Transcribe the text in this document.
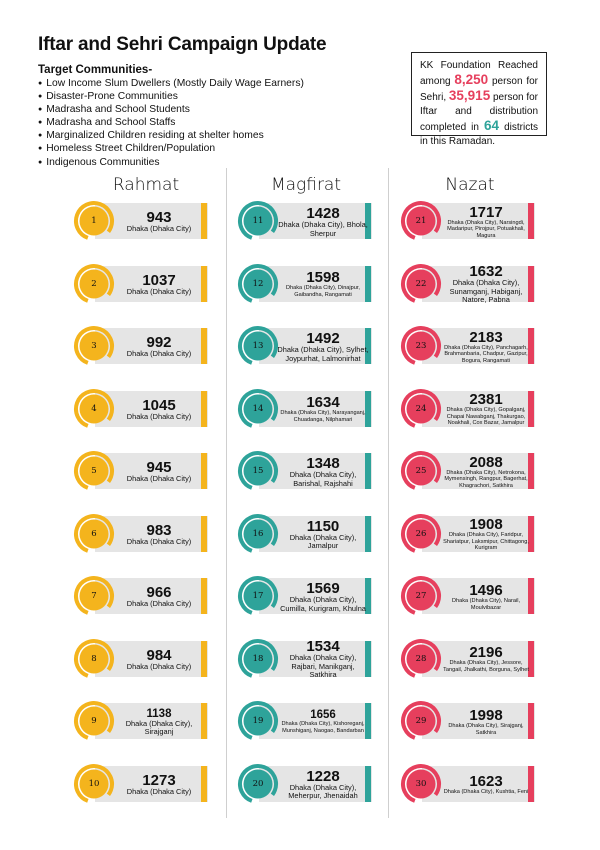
Iftar and Sehri Campaign Update
Target Communities-
● Low Income Slum Dwellers (Mostly Daily Wage Earners)
● Disaster-Prone Communities
● Madrasha and School Students
● Madrasha and School Staffs
● Marginalized Children residing at shelter homes
● Homeless Street Children/Population
● Indigenous Communities
KK Foundation Reached among 8,250 person for Sehri, 35,915 person for Iftar and distribution completed in 64 districts in this Ramadan.
Rahmat	Magfirat	Nazat
1	943
Dhaka (Dhaka City)
2	1037
Dhaka (Dhaka City)
3	992
Dhaka (Dhaka City)
4	1045
Dhaka (Dhaka City)
5	945
Dhaka (Dhaka City)
6	983
Dhaka (Dhaka City)
7	966
Dhaka (Dhaka City)
8	984
Dhaka (Dhaka City)
9
1138
Dhaka (Dhaka City), Sirajganj
10	1273
Dhaka (Dhaka City)
11	1428
Dhaka (Dhaka City), Bhola, Sherpur
12	1598
Dhaka (Dhaka City), Dinajpur, Gaibandha, Rangamati
13	1492
Dhaka (Dhaka City), Sylhet, Joypurhat, Lalmonirhat
14	1634
Dhaka (Dhaka City), Narayanganj, Chuadanga, Nilphamari
15	1348
Dhaka (Dhaka City), Barishal, Rajshahi
16	1150
Dhaka (Dhaka City), Jamalpur
17	1569
Dhaka (Dhaka City), Cumilla, Kurigram, Khulna
18
1534
Dhaka (Dhaka City), Rajbari, Manikganj, Satkhira
19	1656
Dhaka (Dhaka City), Kishoreganj, Munshiganj, Naogao, Bandarban
20	1228
Dhaka (Dhaka City), Meherpur, Jhenaidah
21
1717
Dhaka (Dhaka City), Narsingdi, Madaripur, Pirojpur, Potuakhali, Magura
22
1632
Dhaka (Dhaka City), Sunamganj, Habiganj, Natore, Pabna
23
2183
Dhaka (Dhaka City), Panchagarh, Brahmanbaria, Chadpur, Gazipur, Bogura, Rangamati
24
2381
Dhaka (Dhaka City), Gopalganj, Chapai Nawabganj, Thakurgao, Noakhali, Cox Bazar, Jamalpur
25
2088
Dhaka (Dhaka City), Netrokona, Mymensingh, Rangpur, Bagerhat, Khagrachori, Satkhira
26
1908
Dhaka (Dhaka City), Faridpur, Shariatpur, Laksmipur, Chittagong, Kurigram
27	1496
Dhaka (Dhaka City), Narail, Moulvibazar
28	2196
Dhaka (Dhaka City), Jessore, Tangail, Jhalkathi, Borguna, Sylhet
29	1998
Dhaka (Dhaka City), Sirajganj, Satkhira
30	1623
Dhaka (Dhaka City), Kushtia, Feni
